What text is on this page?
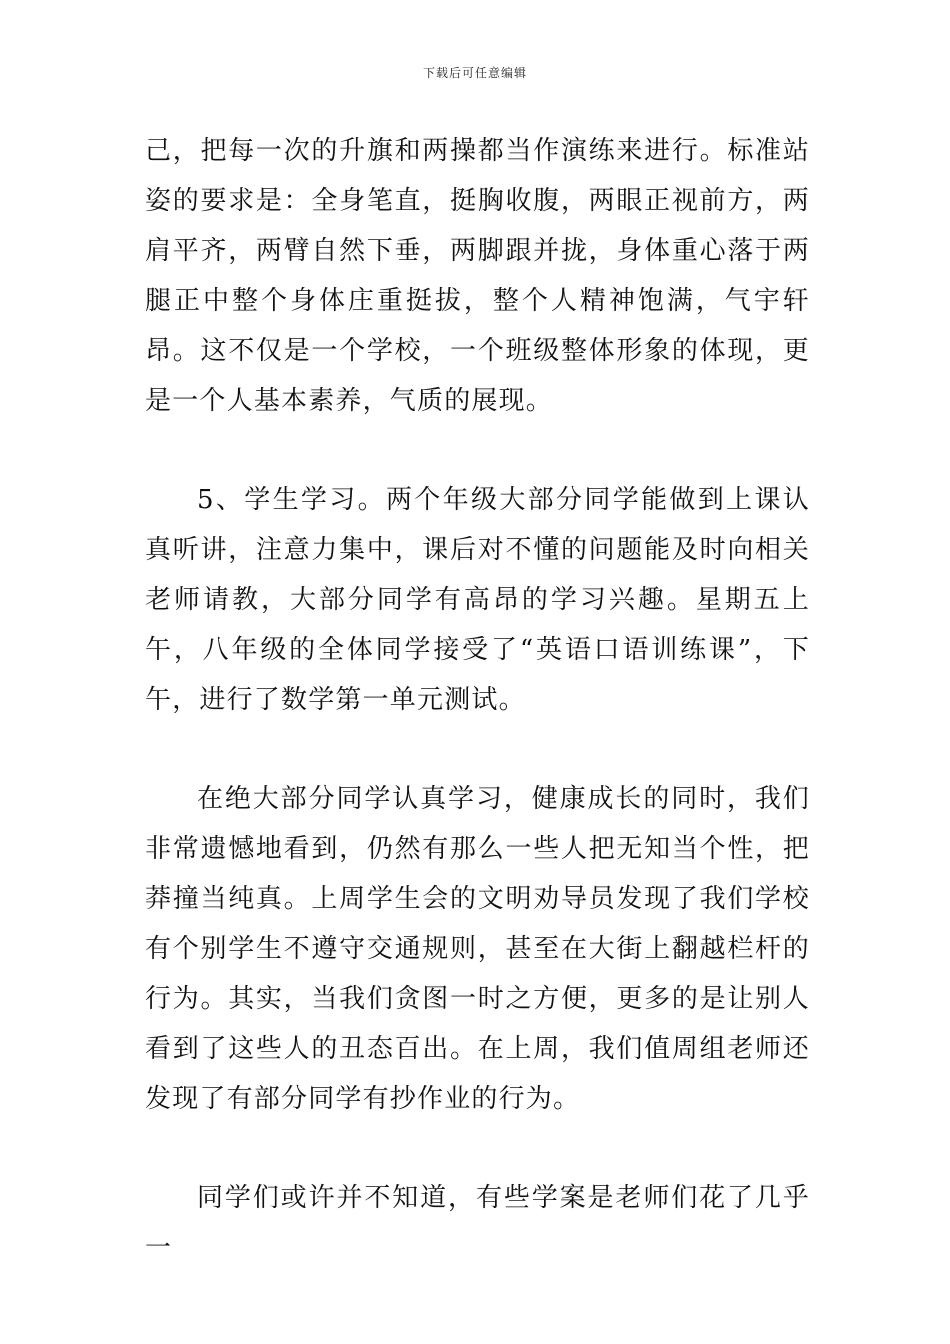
下载后可任意编辑

己，把每一次的升旗和两操都当作演练来进行。标准站姿的要求是：全身笔直，挺胸收腹，两眼正视前方，两肩平齐，两臂自然下垂，两脚跟并拢，身体重心落于两腿正中整个身体庄重挺拔，整个人精神饱满，气宇轩昂。这不仅是一个学校，一个班级整体形象的体现，更是一个人基本素养，气质的展现。

5、学生学习。两个年级大部分同学能做到上课认真听讲，注意力集中，课后对不懂的问题能及时向相关老师请教，大部分同学有高昂的学习兴趣。星期五上午，八年级的全体同学接受了“英语口语训练课”，下午，进行了数学第一单元测试。

在绝大部分同学认真学习，健康成长的同时，我们非常遗憾地看到，仍然有那么一些人把无知当个性，把莽撞当纯真。上周学生会的文明劝导员发现了我们学校有个别学生不遵守交通规则，甚至在大街上翻越栏杆的行为。其实，当我们贪图一时之方便，更多的是让别人看到了这些人的丑态百出。在上周，我们值周组老师还发现了有部分同学有抄作业的行为。

同学们或许并不知道，有些学案是老师们花了几乎一
